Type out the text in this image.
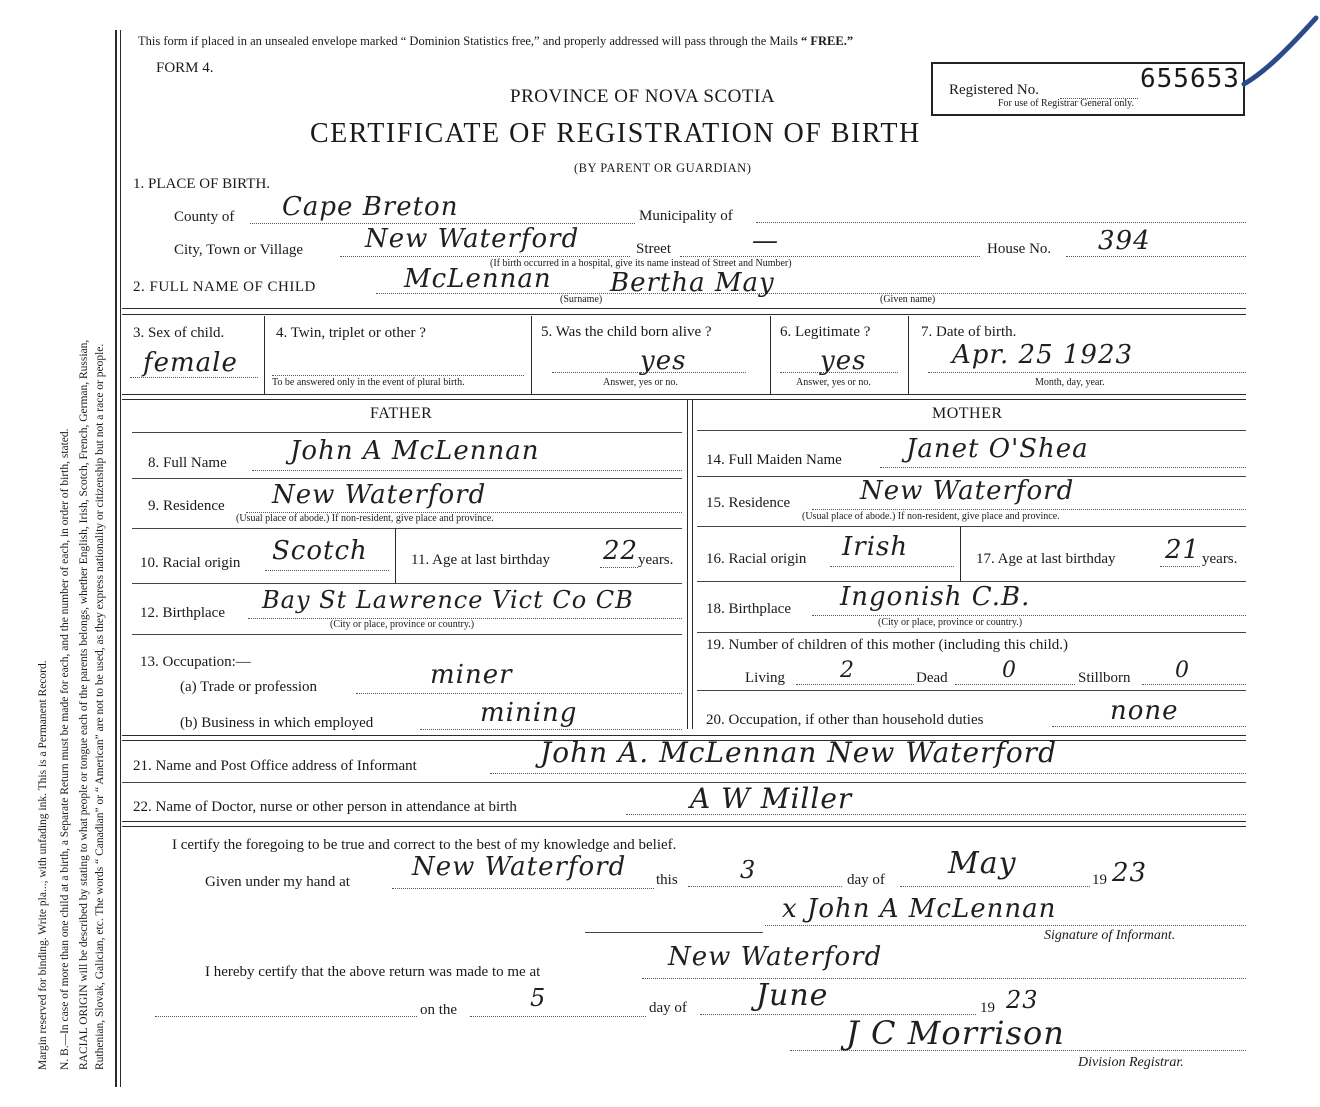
Margin reserved for binding. Write pla..., with unfading ink. This is a Permanent Record. N. B.—In case of more than one child at a birth, a Separate Return must be made for each, and the number of each, in order of birth, stated. RACIAL ORIGIN will be described by stating to what people or tongue each of the parents belongs, whether English, Irish, Scotch, French, German, Russian, Ruthenian, Slovak, Galician, etc. The words “ Canadian” or “ American” are not to be used, as they express nationality or citizenship but not a race or people.
This form if placed in an unsealed envelope marked “ Dominion Statistics free,” and properly addressed will pass through the Mails “ FREE.”
FORM 4.
Registered No.	655653
For use of Registrar General only.
PROVINCE OF NOVA SCOTIA
CERTIFICATE OF REGISTRATION OF BIRTH
(BY PARENT OR GUARDIAN)
1. PLACE OF BIRTH.
County of Cape Breton	Municipality of
City, Town or Village New Waterford	Street	—	House No. 394
(If birth occurred in a hospital, give its name instead of Street and Number)
2. FULL NAME OF CHILD	McLennan Bertha May
(Surname)	(Given name)
3. Sex of child.
female
4. Twin, triplet or other ?
To be answered only in the event of plural birth.
5. Was the child born alive ?
yes
Answer, yes or no.
6. Legitimate ?
yes
Answer, yes or no.
7. Date of birth.
Apr. 25 1923
Month, day, year.
FATHER
8. Full Name John A McLennan
9. Residence New Waterford
(Usual place of abode.) If non-resident, give place and province.
10. Racial origin Scotch	11. Age at last birthday 22 years.
12. Birthplace Bay St Lawrence Vict Co CB
(City or place, province or country.)
13. Occupation:—
(a) Trade or profession	miner
(b) Business in which employed	mining
MOTHER
14. Full Maiden Name Janet O'Shea
15. Residence	New Waterford
(Usual place of abode.) If non-resident, give place and province.
16. Racial origin Irish	17. Age at last birthday 21 years.
18. Birthplace Ingonish C.B.
(City or place, province or country.)
19. Number of children of this mother (including this child.)
Living	2	Dead 0	Stillborn 0
20. Occupation, if other than household duties	none
21. Name and Post Office address of Informant	John A. McLennan New Waterford
22. Name of Doctor, nurse or other person in attendance at birth	A W Miller
I certify the foregoing to be true and correct to the best of my knowledge and belief.
Given under my hand at New Waterford this	3	day of May	19 23
x John A McLennan
Signature of Informant.
I hereby certify that the above return was made to me at	New Waterford
on the	5	day of June	19 23
J C Morrison
Division Registrar.
